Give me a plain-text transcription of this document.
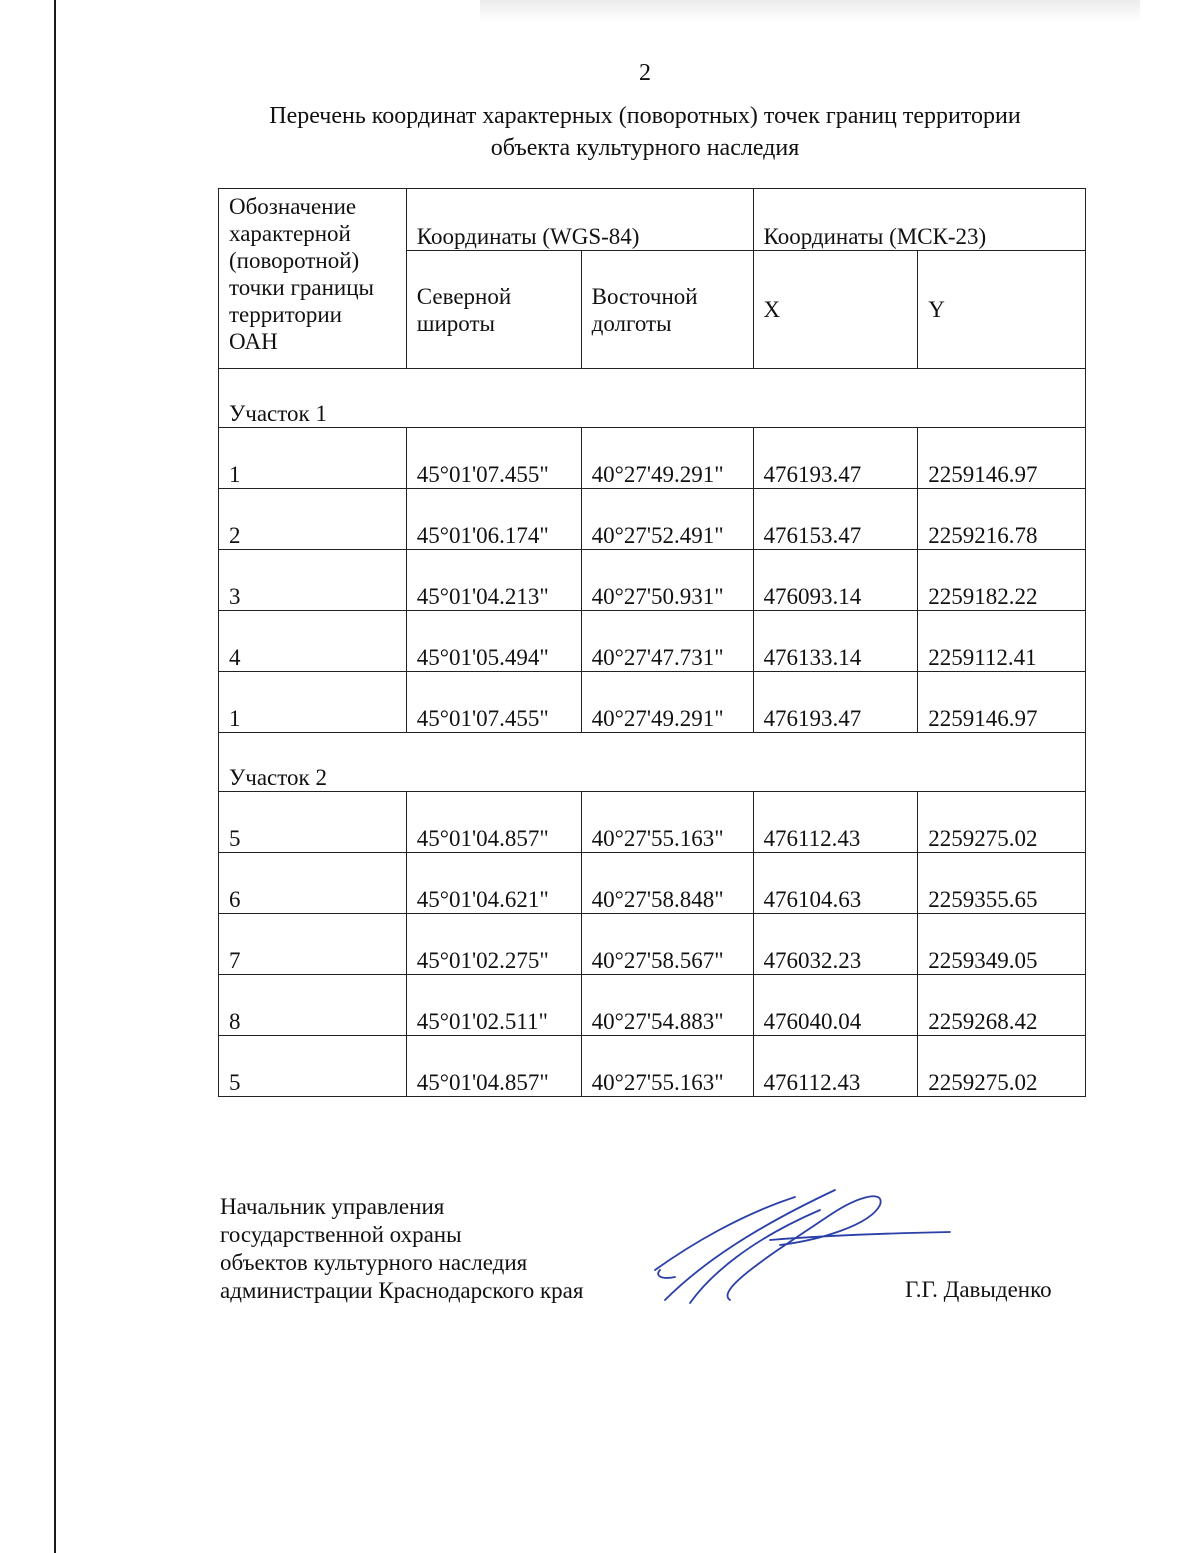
2
Перечень координат характерных (поворотных) точек границ территории
объекта культурного наследия
Обозначение характерной (поворотной) точки границы территории ОАН	Координаты (WGS-84)		Координаты (МСК-23)	
	Северной широты	Восточной долготы	X	Y
Участок 1				
1	45°01'07.455"	40°27'49.291"	476193.47	2259146.97
2	45°01'06.174"	40°27'52.491"	476153.47	2259216.78
3	45°01'04.213"	40°27'50.931"	476093.14	2259182.22
4	45°01'05.494"	40°27'47.731"	476133.14	2259112.41
1	45°01'07.455"	40°27'49.291"	476193.47	2259146.97
Участок 2				
5	45°01'04.857"	40°27'55.163"	476112.43	2259275.02
6	45°01'04.621"	40°27'58.848"	476104.63	2259355.65
7	45°01'02.275"	40°27'58.567"	476032.23	2259349.05
8	45°01'02.511"	40°27'54.883"	476040.04	2259268.42
5	45°01'04.857"	40°27'55.163"	476112.43	2259275.02
Начальник управления
государственной охраны
объектов культурного наследия
администрации Краснодарского края	Г.Г. Давыденко
